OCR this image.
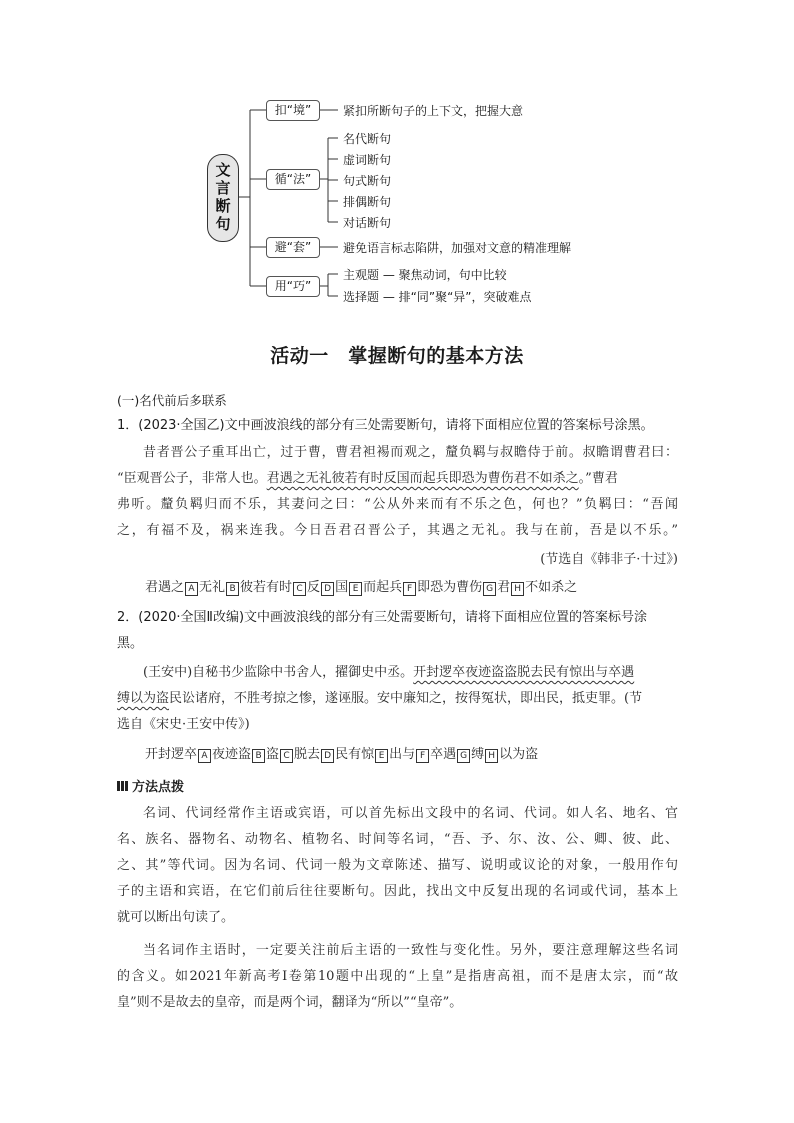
文言断句
扣“境”
循“法”
避“套”
用“巧”
紧扣所断句子的上下文，把握大意
名代断句
虚词断句
句式断句
排偶断句
对话断句
避免语言标志陷阱，加强对文意的精准理解
主观题 — 聚焦动词，句中比较
选择题 — 排“同”聚“异”，突破难点
活动一　掌握断句的基本方法
(一)名代前后多联系
1．(2023·全国乙)文中画波浪线的部分有三处需要断句，请将下面相应位置的答案标号涂黑。
昔者晋公子重耳出亡，过于曹，曹君袒裼而观之，釐负羁与叔瞻侍于前。叔瞻谓曹君曰：
“臣观晋公子，非常人也。君遇之无礼彼若有时反国而起兵即恐为曹伤君不如杀之。”曹君
弗听。釐负羁归而不乐，其妻问之曰：“公从外来而有不乐之色，何也？”负羁曰：“吾闻
之，有福不及，祸来连我。今日吾君召晋公子，其遇之无礼。我与在前，吾是以不乐。”
(节选自《韩非子·十过》)
君遇之 A 无礼 B 彼若有时 C 反 D 国 E 而起兵 F 即恐为曹伤 G 君 H 不如杀之
2．(2020·全国Ⅱ改编)文中画波浪线的部分有三处需要断句，请将下面相应位置的答案标号涂
黑。
(王安中)自秘书少监除中书舍人，擢御史中丞。开封逻卒夜迹盗盗脱去民有惊出与卒遇
缚以为盗民讼诸府，不胜考掠之惨，遂诬服。安中廉知之，按得冤状，即出民，抵吏罪。(节
选自《宋史·王安中传》)
开封逻卒 A 夜迹盗 B 盗 C 脱去 D 民有惊 E 出与 F 卒遇 G 缚 H 以为盗
方法点拨
名词、代词经常作主语或宾语，可以首先标出文段中的名词、代词。如人名、地名、官
名、族名、器物名、动物名、植物名、时间等名词，“吾、予、尔、汝、公、卿、彼、此、
之、其”等代词。因为名词、代词一般为文章陈述、描写、说明或议论的对象，一般用作句
子的主语和宾语，在它们前后往往要断句。因此，找出文中反复出现的名词或代词，基本上
就可以断出句读了。
当名词作主语时，一定要关注前后主语的一致性与变化性。另外，要注意理解这些名词
的含义。如2021年新高考Ⅰ卷第10题中出现的“上皇”是指唐高祖，而不是唐太宗，而“故
皇”则不是故去的皇帝，而是两个词，翻译为“所以”“皇帝”。
